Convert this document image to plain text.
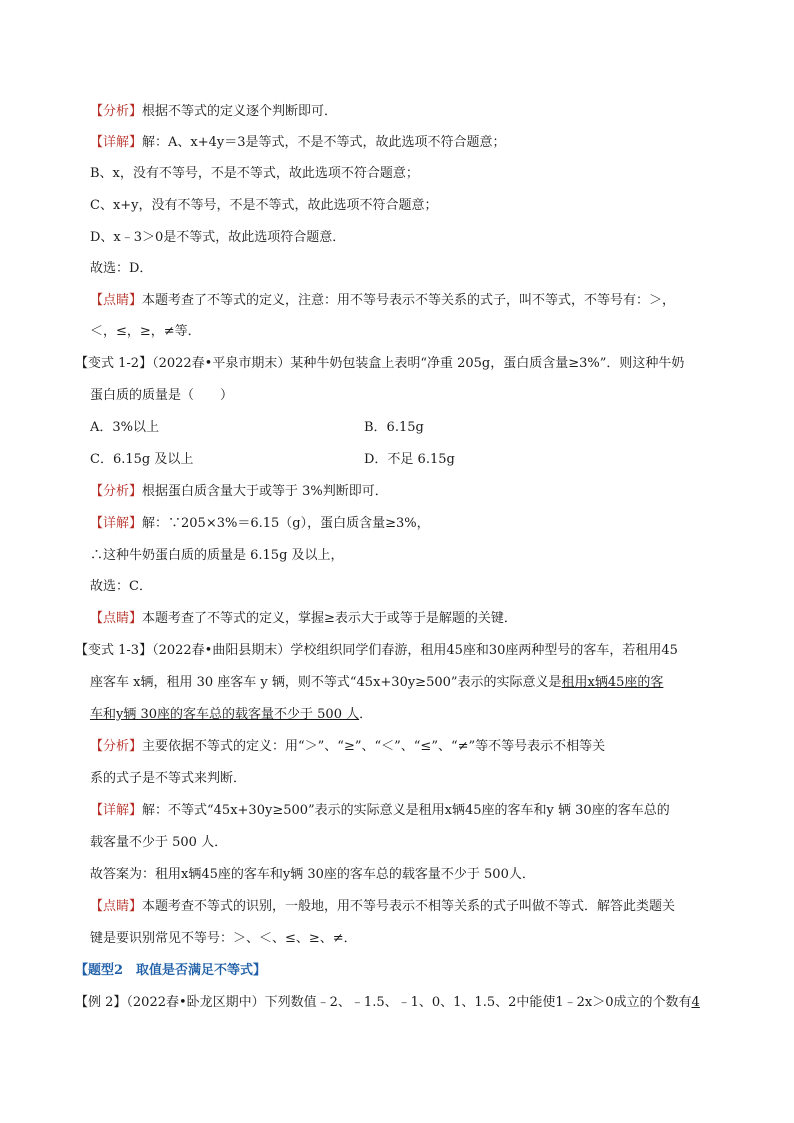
【分析】根据不等式的定义逐个判断即可．
【详解】解：A、x+4y＝3是等式，不是不等式，故此选项不符合题意；
B、x，没有不等号，不是不等式，故此选项不符合题意；
C、x+y，没有不等号，不是不等式，故此选项不符合题意；
D、x﹣3＞0是不等式，故此选项符合题意．
故选：D．
【点睛】本题考查了不等式的定义，注意：用不等号表示不等关系的式子，叫不等式，不等号有：＞，
＜，≤，≥，≠等．
【变式 1-2】（2022春•平泉市期末）某种牛奶包装盒上表明“净重 205g，蛋白质含量≥3%”．则这种牛奶
蛋白质的质量是（　　）
A．3%以上	B．6.15g
C．6.15g 及以上	D．不足 6.15g
【分析】根据蛋白质含量大于或等于 3%判断即可．
【详解】解：∵205×3%＝6.15（g），蛋白质含量≥3%，
∴这种牛奶蛋白质的质量是 6.15g 及以上，
故选：C．
【点睛】本题考查了不等式的定义，掌握≥表示大于或等于是解题的关键．
【变式 1-3】（2022春•曲阳县期末）学校组织同学们春游，租用45座和30座两种型号的客车，若租用45
座客车 x辆，租用 30 座客车 y 辆，则不等式“45x+30y≥500”表示的实际意义是租用x辆45座的客
车和y辆 30座的客车总的载客量不少于 500 人．
【分析】主要依据不等式的定义：用“＞”、“≥”、“＜”、“≤”、“≠”等不等号表示不相等关
系的式子是不等式来判断．
【详解】解：不等式“45x+30y≥500”表示的实际意义是租用x辆45座的客车和y 辆 30座的客车总的
载客量不少于 500 人．
故答案为：租用x辆45座的客车和y辆 30座的客车总的载客量不少于 500人．
【点睛】本题考查不等式的识别，一般地，用不等号表示不相等关系的式子叫做不等式．解答此类题关
键是要识别常见不等号：＞、＜、≤、≥、≠．
【题型2　取值是否满足不等式】
【例 2】（2022春•卧龙区期中）下列数值﹣2、﹣1.5、﹣1、0、1、1.5、2中能使1﹣2x＞0成立的个数有4
